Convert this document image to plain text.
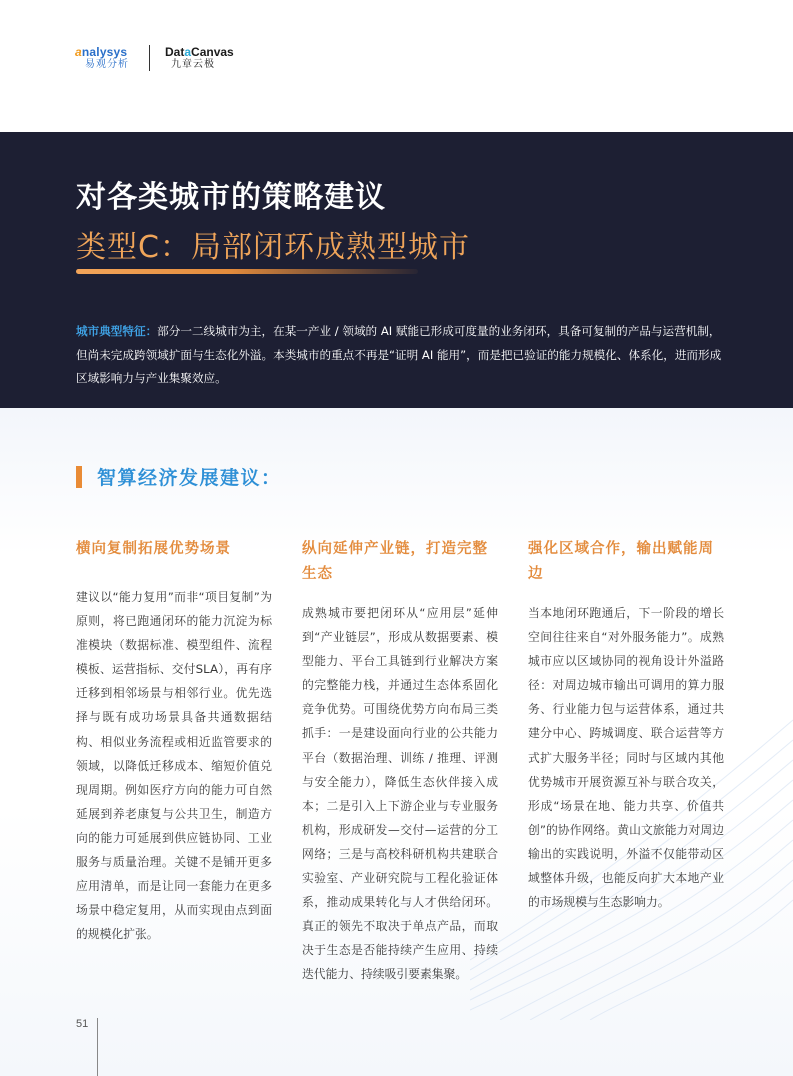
analysys
易观分析
DataCanvas
九章云极
对各类城市的策略建议
类型C：局部闭环成熟型城市

城市典型特征：部分一二线城市为主，在某一产业 / 领域的 AI 赋能已形成可度量的业务闭环，具备可复制的产品与运营机制，但尚未完成跨领域扩面与生态化外溢。本类城市的重点不再是“证明 AI 能用”，而是把已验证的能力规模化、体系化，进而形成区域影响力与产业集聚效应。

智算经济发展建议：
横向复制拓展优势场景

建议以“能力复用”而非“项目复制”为原则，将已跑通闭环的能力沉淀为标准模块（数据标准、模型组件、流程模板、运营指标、交付SLA），再有序迁移到相邻场景与相邻行业。优先选择与既有成功场景具备共通数据结构、相似业务流程或相近监管要求的领域，以降低迁移成本、缩短价值兑现周期。例如医疗方向的能力可自然延展到养老康复与公共卫生，制造方向的能力可延展到供应链协同、工业服务与质量治理。关键不是铺开更多应用清单，而是让同一套能力在更多场景中稳定复用，从而实现由点到面的规模化扩张。

纵向延伸产业链，打造完整生态

成熟城市要把闭环从“应用层”延伸到“产业链层”，形成从数据要素、模型能力、平台工具链到行业解决方案的完整能力栈，并通过生态体系固化竞争优势。可围绕优势方向布局三类抓手：一是建设面向行业的公共能力平台（数据治理、训练 / 推理、评测与安全能力），降低生态伙伴接入成本；二是引入上下游企业与专业服务机构，形成研发—交付—运营的分工网络；三是与高校科研机构共建联合实验室、产业研究院与工程化验证体系，推动成果转化与人才供给闭环。真正的领先不取决于单点产品，而取决于生态是否能持续产生应用、持续迭代能力、持续吸引要素集聚。

强化区域合作，输出赋能周边

当本地闭环跑通后，下一阶段的增长空间往往来自“对外服务能力”。成熟城市应以区域协同的视角设计外溢路径：对周边城市输出可调用的算力服务、行业能力包与运营体系，通过共建分中心、跨城调度、联合运营等方式扩大服务半径；同时与区域内其他优势城市开展资源互补与联合攻关，形成“场景在地、能力共享、价值共创”的协作网络。黄山文旅能力对周边输出的实践说明，外溢不仅能带动区域整体升级，也能反向扩大本地产业的市场规模与生态影响力。

51
